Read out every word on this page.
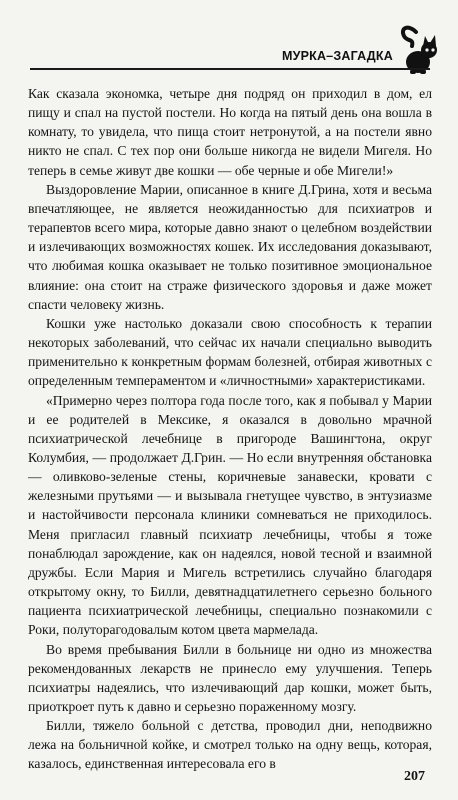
МУРКА–ЗАГАДКА

Как сказала экономка, четыре дня подряд он приходил в дом, ел пищу и спал на пустой постели. Но когда на пятый день она вошла в комнату, то увидела, что пища стоит нетронутой, а на постели явно никто не спал. С тех пор они больше никогда не видели Мигеля. Но теперь в семье живут две кошки — обе черные и обе Мигели!»

Выздоровление Марии, описанное в книге Д.Грина, хотя и весьма впечатляющее, не является неожиданностью для психиатров и терапевтов всего мира, которые давно знают о целебном воздействии и излечивающих возможностях кошек. Их исследования доказывают, что любимая кошка оказывает не только позитивное эмоциональное влияние: она стоит на страже физического здоровья и даже может спасти человеку жизнь.

Кошки уже настолько доказали свою способность к терапии некоторых заболеваний, что сейчас их начали специально выводить применительно к конкретным формам болезней, отбирая животных с определенным темпераментом и «личностными» характеристиками.

«Примерно через полтора года после того, как я побывал у Марии и ее родителей в Мексике, я оказался в довольно мрачной психиатрической лечебнице в пригороде Вашингтона, округ Колумбия, — продолжает Д.Грин. — Но если внутренняя обстановка — оливково-зеленые стены, коричневые занавески, кровати с железными прутьями — и вызывала гнетущее чувство, в энтузиазме и настойчивости персонала клиники сомневаться не приходилось. Меня пригласил главный психиатр лечебницы, чтобы я тоже понаблюдал зарождение, как он надеялся, новой тесной и взаимной дружбы. Если Мария и Мигель встретились случайно благодаря открытому окну, то Билли, девятнадцатилетнего серьезно больного пациента психиатрической лечебницы, специально познакомили с Роки, полуторагодовалым котом цвета мармелада.

Во время пребывания Билли в больнице ни одно из множества рекомендованных лекарств не принесло ему улучшения. Теперь психиатры надеялись, что излечивающий дар кошки, может быть, приоткроет путь к давно и серьезно пораженному мозгу.

Билли, тяжело больной с детства, проводил дни, неподвижно лежа на больничной койке, и смотрел только на одну вещь, которая, казалось, единственная интересовала его в

207
